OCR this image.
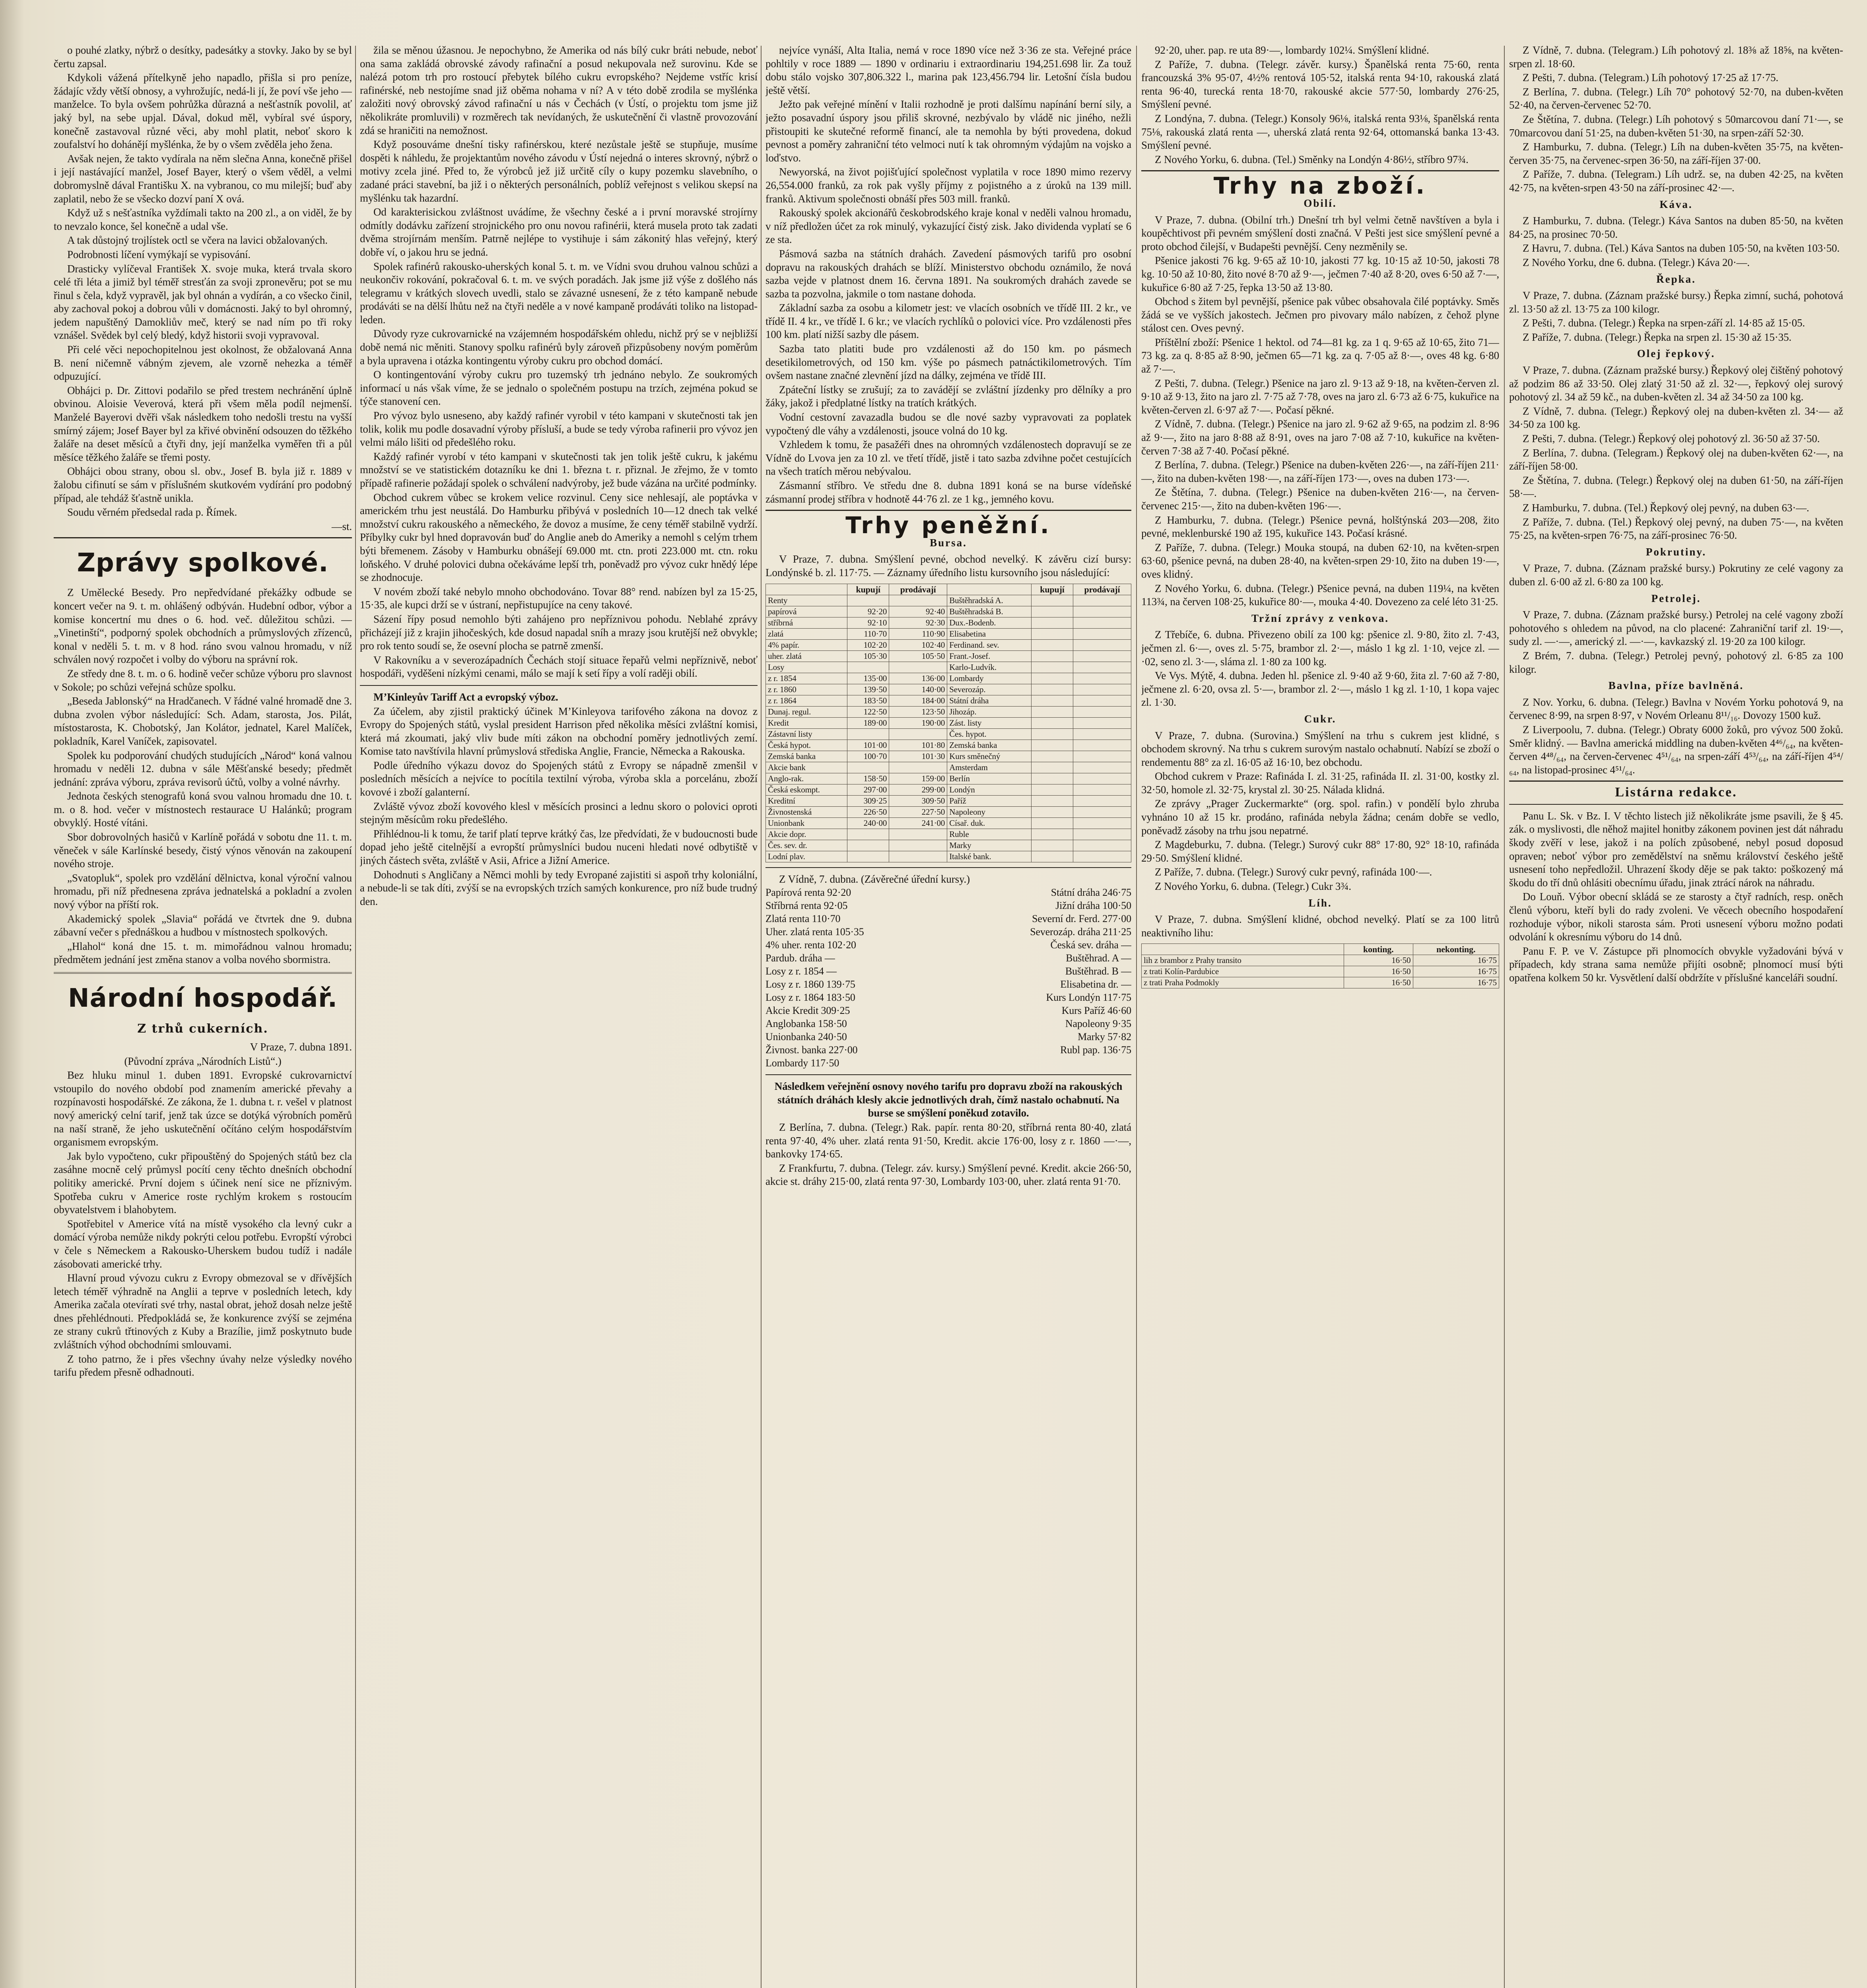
o pouhé zlatky, nýbrž o desítky, padesátky a stovky. Jako by se byl čertu zapsal.

Kdykoli vážená přítelkyně jeho napadlo, přišla si pro peníze, žádajíc vždy větší obnosy, a vyhrožujíc, nedá-li jí, že poví vše jeho — manželce. To byla ovšem pohrůžka důrazná a nešťastník povolil, ať jaký byl, na sebe upjal. Dával, dokud měl, vybíral své úspory, konečně zastavoval různé věci, aby mohl platit, neboť skoro k zoufalství ho dohánějí myšlénka, že by o všem zvěděla jeho žena.

Avšak nejen, že takto vydírala na něm slečna Anna, konečně přišel i její nastávající manžel, Josef Bayer, který o všem věděl, a velmi dobromyslně dával Františku X. na vybranou, co mu milejší; buď aby zaplatil, nebo že se všecko dozví paní X ová.

Když už s nešťastníka vyždímali takto na 200 zl., a on viděl, že by to nevzalo konce, šel konečně a udal vše.

A tak důstojný trojlístek octl se včera na lavici obžalovaných.

Podrobnosti líčení vymýkají se vypisování.

Drasticky vylíčeval František X. svoje muka, která trvala skoro celé tři léta a jimiž byl téměř stresťán za svoji zpronevěru; pot se mu řinul s čela, když vypravěl, jak byl ohnán a vydírán, a co všecko činil, aby zachoval pokoj a dobrou vůli v domácnosti. Jaký to byl ohromný, jedem napuštěný Damokliův meč, který se nad ním po tři roky vznášel. Svědek byl celý bledý, když historii svoji vypravoval.

Při celé věci nepochopitelnou jest okolnost, že obžalovaná Anna B. není ničemně vábným zjevem, ale vzorně nehezka a téměř odpuzující.

Obhájci p. Dr. Zittovi podařilo se před trestem nechránění úplně obvinou. Aloisie Veverová, která při všem měla podíl nejmenší. Manželé Bayerovi dvěři však následkem toho nedošli trestu na vyšší smírný zájem; Josef Bayer byl za křivé obvinění odsouzen do těžkého žaláře na deset měsíců a čtyři dny, její manželka vyměřen tři a půl měsíce těžkého žaláře se třemi posty.

Obhájci obou strany, obou sl. obv., Josef B. byla již r. 1889 v žalobu cifinutí se sám v příslušném skutkovém vydírání pro podobný případ, ale tehdáž šťastně unikla.

Soudu věrném předsedal rada p. Římek.

—st.

Zprávy spolkové.

Z Umělecké Besedy. Pro nepředvídané překážky odbude se koncert večer na 9. t. m. ohlášený odbýván. Hudební odbor, výbor a komise koncertní mu dnes o 6. hod. več. důležitou schůzi. — „Vinetinští“, podporný spolek obchodních a průmyslových zřízenců, konal v neděli 5. t. m. v 8 hod. ráno svou valnou hromadu, v níž schválen nový rozpočet i volby do výboru na správní rok.

Ze středy dne 8. t. m. o 6. hodině večer schůze výboru pro slavnost v Sokole; po schůzi veřejná schůze spolku.

„Beseda Jablonský“ na Hradčanech. V řádné valné hromadě dne 3. dubna zvolen výbor následující: Sch. Adam, starosta, Jos. Pilát, místostarosta, K. Chobotský, Jan Kolátor, jednatel, Karel Malíček, pokladník, Karel Vaníček, zapisovatel.

Spolek ku podporování chudých studujících „Národ“ koná valnou hromadu v neděli 12. dubna v sále Měšťanské besedy; předmět jednání: zpráva výboru, zpráva revisorů účtů, volby a volné návrhy.

Jednota českých stenografů koná svou valnou hromadu dne 10. t. m. o 8. hod. večer v místnostech restaurace U Halánků; program obvyklý. Hosté vítáni.

Sbor dobrovolných hasičů v Karlíně pořádá v sobotu dne 11. t. m. věneček v sále Karlínské besedy, čistý výnos věnován na zakoupení nového stroje.

„Svatopluk“, spolek pro vzdělání dělnictva, konal výroční valnou hromadu, při níž přednesena zpráva jednatelská a pokladní a zvolen nový výbor na příští rok.

Akademický spolek „Slavia“ pořádá ve čtvrtek dne 9. dubna zábavní večer s přednáškou a hudbou v místnostech spolkových.

„Hlahol“ koná dne 15. t. m. mimořádnou valnou hromadu; předmětem jednání jest změna stanov a volba nového sbormistra.

Národní hospodář.
Z trhů cukerních.

V Praze, 7. dubna 1891.

(Původní zpráva „Národních Listů“.)

Bez hluku minul 1. duben 1891. Evropské cukrovarnictví vstoupilo do nového období pod znamením americké převahy a rozpínavosti hospodářské. Ze zákona, že 1. dubna t. r. vešel v platnost nový americký celní tarif, jenž tak úzce se dotýká výrobních poměrů na naší straně, že jeho uskutečnění očítáno celým hospodářstvím organismem evropským.

Jak bylo vypočteno, cukr připouštěný do Spojených států bez cla zasáhne mocně celý průmysl pocítí ceny těchto dnešních obchodní politiky americké. První dojem s účinek není sice ne příznivým. Spotřeba cukru v Americe roste rychlým krokem s rostoucím obyvatelstvem i blahobytem.

Spotřebitel v Americe vítá na místě vysokého cla levný cukr a domácí výroba nemůže nikdy pokrýti celou potřebu. Evropští výrobci v čele s Německem a Rakousko-Uherskem budou tudíž i nadále zásobovati americké trhy.

Hlavní proud vývozu cukru z Evropy obmezoval se v dřívějších letech téměř výhradně na Anglii a teprve v posledních letech, kdy Amerika začala otevírati své trhy, nastal obrat, jehož dosah nelze ještě dnes přehlédnouti. Předpokládá se, že konkurence zvýší se zejména ze strany cukrů třtinových z Kuby a Brazílie, jimž poskytnuto bude zvláštních výhod obchodními smlouvami.

Z toho patrno, že i přes všechny úvahy nelze výsledky nového tarifu předem přesně odhadnouti.

žila se měnou úžasnou. Je nepochybno, že Amerika od nás bílý cukr bráti nebude, neboť ona sama zakládá obrovské závody rafinační a posud nekupovala než surovinu. Kde se nalézá potom trh pro rostoucí přebytek bílého cukru evropského? Nejdeme vstříc krisí rafinérské, neb nestojíme snad již oběma nohama v ní? A v této době zrodila se myšlénka založiti nový obrovský závod rafinační u nás v Čechách (v Ústí, o projektu tom jsme již několikráte promluvili) v rozměrech tak nevídaných, že uskutečnění či vlastně provozování zdá se hraničiti na nemožnost.

Když posouváme dnešní tisky rafinérskou, které nezůstale ještě se stupňuje, musíme dospěti k náhledu, že projektantům nového závodu v Ústí nejedná o interes skrovný, nýbrž o motivy zcela jiné. Před to, že výrobců jež již určitě cíly o kupy pozemku slavebního, o zadané práci stavební, ba již i o některých personálních, poblíž veřejnost s velikou skepsí na myšlénku tak hazardní.

Od karakterisickou zvláštnost uvádíme, že všechny české a i první moravské strojírny odmítly dodávku zařízení strojnického pro onu novou rafinérii, která musela proto tak zadati dvěma strojírnám menším. Patrně nejlépe to vystihuje i sám zákonitý hlas veřejný, který dobře ví, o jakou hru se jedná.

Spolek rafinérů rakousko-uherských konal 5. t. m. ve Vídni svou druhou valnou schůzi a neukončiv rokování, pokračoval 6. t. m. ve svých poradách. Jak jsme již výše z došlého nás telegramu v krátkých slovech uvedli, stalo se závazné usnesení, že z této kampaně nebude prodáváti se na dělší lhůtu než na čtyři neděle a v nové kampaně prodáváti toliko na listopad-leden.

Důvody ryze cukrovarnické na vzájemném hospodářském ohledu, nichž prý se v nejbližší době nemá nic měniti. Stanovy spolku rafinérů byly zároveň přizpůsobeny novým poměrům a byla upravena i otázka kontingentu výroby cukru pro obchod domácí.

O kontingentování výroby cukru pro tuzemský trh jednáno nebylo. Ze soukromých informací u nás však víme, že se jednalo o společném postupu na trzích, zejména pokud se týče stanovení cen.

Pro vývoz bylo usneseno, aby každý rafinér vyrobil v této kampani v skutečnosti tak jen tolik, kolik mu podle dosavadní výroby přísluší, a bude se tedy výroba rafinerii pro vývoz jen velmi málo lišiti od předešlého roku.

Každý rafinér vyrobí v této kampani v skutečnosti tak jen tolik ještě cukru, k jakému množství se ve statistickém dotazníku ke dni 1. března t. r. přiznal. Je zřejmo, že v tomto případě rafinerie požádají spolek o schválení nadvýroby, jež bude vázána na určité podmínky.

Obchod cukrem vůbec se krokem velice rozvinul. Ceny sice nehlesají, ale poptávka v americkém trhu jest neustálá. Do Hamburku přibývá v posledních 10—12 dnech tak velké množství cukru rakouského a německého, že dovoz a musíme, že ceny téměř stabilně vydrží. Příbylky cukr byl hned dopravován buď do Anglie aneb do Ameriky a nemohl s celým trhem býti břemenem. Zásoby v Hamburku obnášejí 69.000 mt. ctn. proti 223.000 mt. ctn. roku loňského. V druhé polovici dubna očekáváme lepší trh, poněvadž pro vývoz cukr hnědý lépe se zhodnocuje.

V novém zboží také nebylo mnoho obchodováno. Tovar 88° rend. nabízen byl za 15·25, 15·35, ale kupci drží se v ústraní, nepřistupujíce na ceny takové.

Sázení řípy posud nemohlo býti zahájeno pro nepříznivou pohodu. Neblahé zprávy přicházejí již z krajin jihočeských, kde dosud napadal sníh a mrazy jsou krutější než obvykle; pro rok tento soudí se, že osevní plocha se patrně zmenší.

V Rakovníku a v severozápadních Čechách stojí situace řepařů velmi nepříznivě, neboť hospodáři, vyděšeni nízkými cenami, málo se mají k setí řípy a volí raději obilí.

M’Kinleyův Tariff Act a evropský výboz.

Za účelem, aby zjistil praktický účinek M’Kinleyova tarifového zákona na dovoz z Evropy do Spojených států, vyslal president Harrison před několika měsíci zvláštní komisi, která má zkoumati, jaký vliv bude míti zákon na obchodní poměry jednotlivých zemí. Komise tato navštívila hlavní průmyslová střediska Anglie, Francie, Německa a Rakouska.

Podle úředního výkazu dovoz do Spojených států z Evropy se nápadně zmenšil v posledních měsících a nejvíce to pocítila textilní výroba, výroba skla a porcelánu, zboží kovové i zboží galanterní.

Zvláště vývoz zboží kovového klesl v měsících prosinci a lednu skoro o polovici oproti stejným měsícům roku předešlého.

Přihlédnou-li k tomu, že tarif platí teprve krátký čas, lze předvídati, že v budoucnosti bude dopad jeho ještě citelnější a evropští průmyslníci budou nuceni hledati nové odbytiště v jiných částech světa, zvláště v Asii, Africe a Jižní Americe.

Dohodnuti s Angličany a Němci mohli by tedy Evropané zajistiti si aspoň trhy koloniální, a nebude-li se tak díti, zvýší se na evropských trzích samých konkurence, pro níž bude trudný den.

nejvíce vynáší, Alta Italia, nemá v roce 1890 více než 3·36 ze sta. Veřejné práce pohltily v roce 1889 — 1890 v ordinariu i extraordinariu 194,251.698 lir. Za touž dobu stálo vojsko 307,806.322 l., marina pak 123,456.794 lir. Letošní čísla budou ještě větší.

Ježto pak veřejné mínění v Italii rozhodně je proti dalšímu napínání berní sily, a ježto posavadní úspory jsou přiliš skrovné, nezbývalo by vládě nic jiného, nežli přistoupiti ke skutečné reformě financí, ale ta nemohla by býti provedena, dokud pevnost a poměry zahraniční této velmoci nutí k tak ohromným výdajům na vojsko a loďstvo.

Newyorská, na život pojišťující společnost vyplatila v roce 1890 mimo rezervy 26,554.000 franků, za rok pak vyšly příjmy z pojistného a z úroků na 139 mill. franků. Aktivum společnosti obnáší přes 503 mill. franků.

Rakouský spolek akcionářů českobrodského kraje konal v neděli valnou hromadu, v níž předložen účet za rok minulý, vykazující čistý zisk. Jako dividenda vyplatí se 6 ze sta.

Pásmová sazba na státních drahách. Zavedení pásmových tarifů pro osobní dopravu na rakouských drahách se blíží. Ministerstvo obchodu oznámilo, že nová sazba vejde v platnost dnem 16. června 1891. Na soukromých drahách zavede se sazba ta pozvolna, jakmile o tom nastane dohoda.

Základní sazba za osobu a kilometr jest: ve vlacích osobních ve třídě III. 2 kr., ve třídě II. 4 kr., ve třídě I. 6 kr.; ve vlacích rychlíků o polovici více. Pro vzdálenosti přes 100 km. platí nižší sazby dle pásem.

Sazba tato platiti bude pro vzdálenosti až do 150 km. po pásmech desetikilometrových, od 150 km. výše po pásmech patnáctikilometrových. Tím ovšem nastane značné zlevnění jízd na dálky, zejména ve třídě III.

Zpáteční lístky se zrušují; za to zavádějí se zvláštní jízdenky pro dělníky a pro žáky, jakož i předplatné lístky na tratích krátkých.

Vodní cestovní zavazadla budou se dle nové sazby vypravovati za poplatek vypočtený dle váhy a vzdálenosti, jsouce volná do 10 kg.

Vzhledem k tomu, že pasažéři dnes na ohromných vzdálenostech dopravují se ze Vídně do Lvova jen za 10 zl. ve třetí třídě, jistě i tato sazba zdvihne počet cestujících na všech tratích měrou nebývalou.

Zásmanní stříbro. Ve středu dne 8. dubna 1891 koná se na burse vídeňské zásmanní prodej stříbra v hodnotě 44·76 zl. ze 1 kg., jemného kovu.

Trhy peněžní.
Bursa.

V Praze, 7. dubna. Smýšlení pevné, obchod nevelký. K závěru cizí bursy: Londýnské b. zl. 117·75. — Záznamy úředního listu kursovního jsou následující:

	kupují	prodávají		kupují	prodávají
Renty			Buštěhradská A.		
papírová	92·20	92·40	Buštěhradská B.		
stříbrná	92·10	92·30	Dux.-Bodenb.		
zlatá	110·70	110·90	Elisabetina		
4% papír.	102·20	102·40	Ferdinand. sev.		
uher. zlatá	105·30	105·50	Frant.-Josef.		
Losy			Karlo-Ludvík.		
z r. 1854	135·00	136·00	Lombardy		
z r. 1860	139·50	140·00	Severozáp.		
z r. 1864	183·50	184·00	Státní dráha		
Dunaj. regul.	122·50	123·50	Jihozáp.		
Kredit	189·00	190·00	Zást. listy		
Zástavní listy			Čes. hypot.		
Česká hypot.	101·00	101·80	Zemská banka		
Zemská banka	100·70	101·30	Kurs směnečný		
Akcie bank			Amsterdam		
Anglo-rak.	158·50	159·00	Berlín		
Česká eskompt.	297·00	299·00	Londýn		
Kreditní	309·25	309·50	Paříž		
Živnostenská	226·50	227·50	Napoleony		
Unionbank	240·00	241·00	Císař. duk.		
Akcie dopr.			Ruble		
Čes. sev. dr.			Marky		
Lodní plav.			Italské bank.		

Z Vídně, 7. dubna. (Závěrečné úřední kursy.)

Papírová renta 92·20	Státní dráha 246·75
Stříbrná renta 92·05	Jižní dráha 100·50
Zlatá renta 110·70	Severní dr. Ferd. 277·00
Uher. zlatá renta 105·35	Severozáp. dráha 211·25
4% uher. renta 102·20	Česká sev. dráha —
Pardub. dráha —	Buštěhrad. A —
Losy z r. 1854 —	Buštěhrad. B —
Losy z r. 1860 139·75	Elisabetina dr. —
Losy z r. 1864 183·50	Kurs Londýn 117·75
Akcie Kredit 309·25	Kurs Paříž 46·60
Anglobanka 158·50	Napoleony 9·35
Unionbanka 240·50	Marky 57·82
Živnost. banka 227·00	Rubl pap. 136·75
Lombardy 117·50

Následkem veřejnění osnovy nového tarifu pro dopravu zboží na rakouských státních dráhách klesly akcie jednotlivých drah, čímž nastalo ochabnutí. Na burse se smýšlení poněkud zotavilo.

Z Berlína, 7. dubna. (Telegr.) Rak. papír. renta 80·20, stříbrná renta 80·40, zlatá renta 97·40, 4% uher. zlatá renta 91·50, Kredit. akcie 176·00, losy z r. 1860 —·—, bankovky 174·65.

Z Frankfurtu, 7. dubna. (Telegr. záv. kursy.) Smýšlení pevné. Kredit. akcie 266·50, akcie st. dráhy 215·00, zlatá renta 97·30, Lombardy 103·00, uher. zlatá renta 91·70.

92·20, uher. pap. re uta 89·—, lombardy 102¼. Smýšlení klidné.

Z Paříže, 7. dubna. (Telegr. závěr. kursy.) Španělská renta 75·60, renta francouzská 3% 95·07, 4½% rentová 105·52, italská renta 94·10, rakouská zlatá renta 96·40, turecká renta 18·70, rakouské akcie 577·50, lombardy 276·25, Smýšlení pevné.

Z Londýna, 7. dubna. (Telegr.) Konsoly 96⅛, italská renta 93⅛, španělská renta 75⅛, rakouská zlatá renta —, uherská zlatá renta 92·64, ottomanská banka 13·43. Smýšlení pevné.

Z Nového Yorku, 6. dubna. (Tel.) Směnky na Londýn 4·86½, stříbro 97¾.

Trhy na zboží.
Obilí.

V Praze, 7. dubna. (Obilní trh.) Dnešní trh byl velmi četně navštíven a byla i koupěchtivost při pevném smýšlení dosti značná. V Pešti jest sice smýšlení pevné a proto obchod čilejší, v Budapešti pevnější. Ceny nezměnily se.

Pšenice jakosti 76 kg. 9·65 až 10·10, jakosti 77 kg. 10·15 až 10·50, jakosti 78 kg. 10·50 až 10·80, žito nové 8·70 až 9·—, ječmen 7·40 až 8·20, oves 6·50 až 7·—, kukuřice 6·80 až 7·25, řepka 13·50 až 13·80.

Obchod s žitem byl pevnější, pšenice pak vůbec obsahovala čilé poptávky. Směs žádá se ve vyšších jakostech. Ječmen pro pivovary málo nabízen, z čehož plyne stálost cen. Oves pevný.

Příštělní zboží: Pšenice 1 hektol. od 74—81 kg. za 1 q. 9·65 až 10·65, žito 71—73 kg. za q. 8·85 až 8·90, ječmen 65—71 kg. za q. 7·05 až 8·—, oves 48 kg. 6·80 až 7·—.

Z Pešti, 7. dubna. (Telegr.) Pšenice na jaro zl. 9·13 až 9·18, na květen-červen zl. 9·10 až 9·13, žito na jaro zl. 7·75 až 7·78, oves na jaro zl. 6·73 až 6·75, kukuřice na květen-červen zl. 6·97 až 7·—. Počasí pěkné.

Z Vídně, 7. dubna. (Telegr.) Pšenice na jaro zl. 9·62 až 9·65, na podzim zl. 8·96 až 9·—, žito na jaro 8·88 až 8·91, oves na jaro 7·08 až 7·10, kukuřice na květen-červen 7·38 až 7·40. Počasí pěkné.

Z Berlína, 7. dubna. (Telegr.) Pšenice na duben-květen 226·—, na září-říjen 211·—, žito na duben-květen 198·—, na září-říjen 173·—, oves na duben 173·—.

Ze Štětína, 7. dubna. (Telegr.) Pšenice na duben-květen 216·—, na červen-červenec 215·—, žito na duben-květen 196·—.

Z Hamburku, 7. dubna. (Telegr.) Pšenice pevná, holštýnská 203—208, žito pevné, meklenburské 190 až 195, kukuřice 143. Počasí krásné.

Z Paříže, 7. dubna. (Telegr.) Mouka stoupá, na duben 62·10, na květen-srpen 63·60, pšenice pevná, na duben 28·40, na květen-srpen 29·10, žito na duben 19·—, oves klidný.

Z Nového Yorku, 6. dubna. (Telegr.) Pšenice pevná, na duben 119¼, na květen 113¾, na červen 108·25, kukuřice 80·—, mouka 4·40. Dovezeno za celé léto 31·25.

Tržní zprávy z venkova.

Z Třebíče, 6. dubna. Přivezeno obilí za 100 kg: pšenice zl. 9·80, žito zl. 7·43, ječmen zl. 6·—, oves zl. 5·75, brambor zl. 2·—, máslo 1 kg zl. 1·10, vejce zl. —·02, seno zl. 3·—, sláma zl. 1·80 za 100 kg.

Ve Vys. Mýtě, 4. dubna. Jeden hl. pšenice zl. 9·40 až 9·60, žita zl. 7·60 až 7·80, ječmene zl. 6·20, ovsa zl. 5·—, brambor zl. 2·—, máslo 1 kg zl. 1·10, 1 kopa vajec zl. 1·30.

Cukr.

V Praze, 7. dubna. (Surovina.) Smýšlení na trhu s cukrem jest klidné, s obchodem skrovný. Na trhu s cukrem surovým nastalo ochabnutí. Nabízí se zboží o rendementu 88° za zl. 16·05 až 16·10, bez obchodu.

Obchod cukrem v Praze: Rafináda I. zl. 31·25, rafináda II. zl. 31·00, kostky zl. 32·50, homole zl. 32·75, krystal zl. 30·25. Nálada klidná.

Ze zprávy „Prager Zuckermarkte“ (org. spol. rafin.) v pondělí bylo zhruba vyhnáno 10 až 15 kr. prodáno, rafináda nebyla žádna; cenám dobře se vedlo, poněvadž zásoby na trhu jsou nepatrné.

Z Magdeburku, 7. dubna. (Telegr.) Surový cukr 88° 17·80, 92° 18·10, rafináda 29·50. Smýšlení klidné.

Z Paříže, 7. dubna. (Telegr.) Surový cukr pevný, rafináda 100·—.

Z Nového Yorku, 6. dubna. (Telegr.) Cukr 3¾.

Líh.

V Praze, 7. dubna. Smýšlení klidné, obchod nevelký. Platí se za 100 litrů neaktivního lihu:

	konting.	nekonting.
lih z brambor z Prahy transito	16·50	16·75
z trati Kolín-Pardubice	16·50	16·75
z trati Praha Podmokly	16·50	16·75

Z Vídně, 7. dubna. (Telegram.) Líh pohotový zl. 18⅜ až 18⅝, na květen-srpen zl. 18·60.

Z Pešti, 7. dubna. (Telegram.) Líh pohotový 17·25 až 17·75.

Z Berlína, 7. dubna. (Telegr.) Líh 70° pohotový 52·70, na duben-květen 52·40, na červen-červenec 52·70.

Ze Štětína, 7. dubna. (Telegr.) Líh pohotový s 50marcovou daní 71·—, se 70marcovou daní 51·25, na duben-květen 51·30, na srpen-září 52·30.

Z Hamburku, 7. dubna. (Telegr.) Líh na duben-květen 35·75, na květen-červen 35·75, na červenec-srpen 36·50, na září-říjen 37·00.

Z Paříže, 7. dubna. (Telegram.) Líh udrž. se, na duben 42·25, na květen 42·75, na květen-srpen 43·50 na září-prosinec 42·—.

Káva.

Z Hamburku, 7. dubna. (Telegr.) Káva Santos na duben 85·50, na květen 84·25, na prosinec 70·50.

Z Havru, 7. dubna. (Tel.) Káva Santos na duben 105·50, na květen 103·50.

Z Nového Yorku, dne 6. dubna. (Telegr.) Káva 20·—.

Řepka.

V Praze, 7. dubna. (Záznam pražské bursy.) Řepka zimní, suchá, pohotová zl. 13·50 až zl. 13·75 za 100 kilogr.

Z Pešti, 7. dubna. (Telegr.) Řepka na srpen-září zl. 14·85 až 15·05.

Z Paříže, 7. dubna. (Telegr.) Řepka na srpen zl. 15·30 až 15·35.

Olej řepkový.

V Praze, 7. dubna. (Záznam pražské bursy.) Řepkový olej čištěný pohotový až podzim 86 až 33·50. Olej zlatý 31·50 až zl. 32·—, řepkový olej surový pohotový zl. 34 až 59 kč., na duben-květen zl. 34 až 34·50 za 100 kg.

Z Vídně, 7. dubna. (Telegr.) Řepkový olej na duben-květen zl. 34·— až 34·50 za 100 kg.

Z Pešti, 7. dubna. (Telegr.) Řepkový olej pohotový zl. 36·50 až 37·50.

Z Berlína, 7. dubna. (Telegram.) Řepkový olej na duben-květen 62·—, na září-říjen 58·00.

Ze Štětína, 7. dubna. (Telegr.) Řepkový olej na duben 61·50, na září-říjen 58·—.

Z Hamburku, 7. dubna. (Tel.) Řepkový olej pevný, na duben 63·—.

Z Paříže, 7. dubna. (Tel.) Řepkový olej pevný, na duben 75·—, na květen 75·25, na květen-srpen 76·75, na září-prosinec 76·50.

Pokrutiny.

V Praze, 7. dubna. (Záznam pražské bursy.) Pokrutiny ze celé vagony za duben zl. 6·00 až zl. 6·80 za 100 kg.

Petrolej.

V Praze, 7. dubna. (Záznam pražské bursy.) Petrolej na celé vagony zboží pohotového s ohledem na původ, na clo placené: Zahraniční tarif zl. 19·—, sudy zl. —·—, americký zl. —·—, kavkazský zl. 19·20 za 100 kilogr.

Z Brém, 7. dubna. (Telegr.) Petrolej pevný, pohotový zl. 6·85 za 100 kilogr.

Bavlna, příze bavlněná.

Z Nov. Yorku, 6. dubna. (Telegr.) Bavlna v Novém Yorku pohotová 9, na červenec 8·99, na srpen 8·97, v Novém Orleanu 8¹¹/₁₆. Dovozy 1500 kuž.

Z Liverpoolu, 7. dubna. (Telegr.) Obraty 6000 žoků, pro vývoz 500 žoků. Směr klidný. — Bavlna americká middling na duben-květen 4⁴⁶/₆₄, na květen-červen 4⁴⁸/₆₄, na červen-červenec 4⁵¹/₆₄, na srpen-září 4⁵³/₆₄, na září-říjen 4⁵⁴/₆₄, na listopad-prosinec 4⁵¹/₆₄.

Listárna redakce.

Panu L. Sk. v Bz. I. V těchto listech již několikráte jsme psavili, že § 45. zák. o myslivosti, dle něhož majitel honitby zákonem povinen jest dát náhradu škody zvěří v lese, jakož i na polích způsobené, nebyl posud doposud opraven; neboť výbor pro zemědělství na sněmu království českého ještě usnesení toho nepředložil. Uhrazení škody děje se pak takto: poškozený má škodu do tří dnů ohlásiti obecnímu úřadu, jinak ztrácí nárok na náhradu.

Do Louň. Výbor obecní skládá se ze starosty a čtyř radních, resp. oněch členů výboru, kteří byli do rady zvoleni. Ve věcech obecního hospodaření rozhoduje výbor, nikoli starosta sám. Proti usnesení výboru možno podati odvolání k okresnímu výboru do 14 dnů.

Panu F. P. ve V. Zástupce při plnomocích obvykle vyžadováni bývá v případech, kdy strana sama nemůže přijíti osobně; plnomocí musí býti opatřena kolkem 50 kr. Vysvětlení další obdržíte v příslušné kanceláři soudní.
